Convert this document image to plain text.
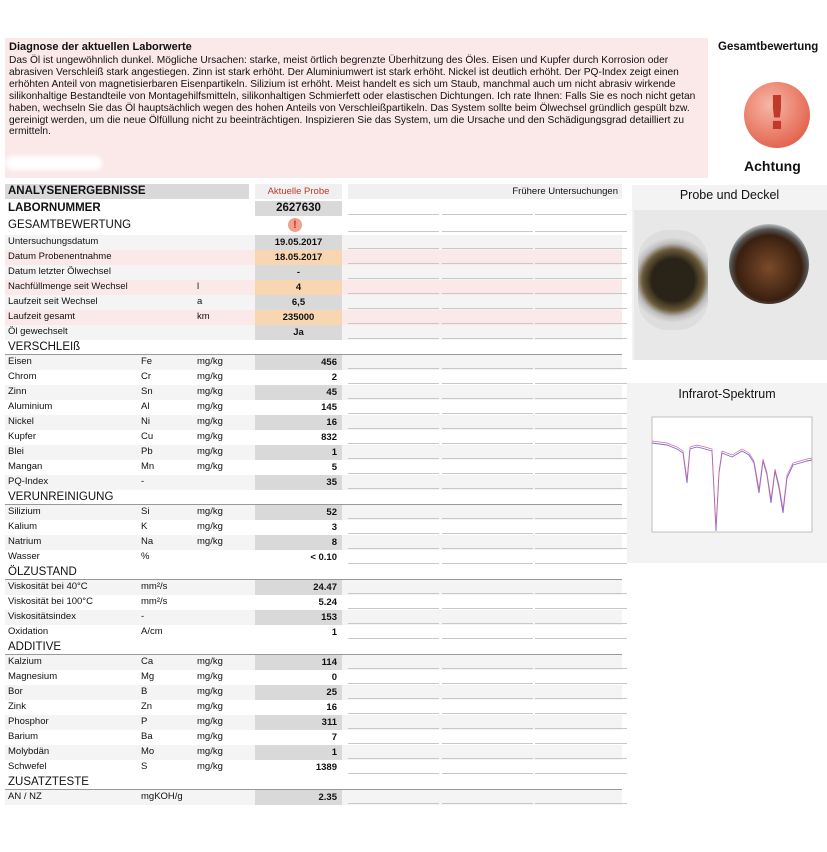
Diagnose der aktuellen Laborwerte

Das Öl ist ungewöhnlich dunkel. Mögliche Ursachen: starke, meist örtlich begrenzte Überhitzung des Öles. Eisen und Kupfer durch Korrosion oder abrasiven Verschleiß stark angestiegen. Zinn ist stark erhöht. Der Aluminiumwert ist stark erhöht. Nickel ist deutlich erhöht. Der PQ-Index zeigt einen erhöhten Anteil von magnetisierbaren Eisenpartikeln. Silizium ist erhöht. Meist handelt es sich um Staub, manchmal auch um nicht abrasiv wirkende silikonhaltige Bestandteile von Montagehilfsmitteln, silikonhaltigen Schmierfett oder elastischen Dichtungen. Ich rate Ihnen: Falls Sie es noch nicht getan haben, wechseln Sie das Öl hauptsächlich wegen des hohen Anteils von Verschleißpartikeln. Das System sollte beim Ölwechsel gründlich gespült bzw. gereinigt werden, um die neue Ölfüllung nicht zu beeinträchtigen. Inspizieren Sie das System, um die Ursache und den Schädigungsgrad detailliert zu ermitteln.

Gesamtbewertung
!
Achtung
ANALYSENERGEBNISSE	Aktuelle Probe	Frühere Untersuchungen
LABORNUMMER	2627630
GESAMTBEWERTUNG	!
Untersuchungsdatum	19.05.2017
Datum Probenentnahme	18.05.2017
Datum letzter Ölwechsel	-
Nachfüllmenge seit Wechsel	l	4
Laufzeit seit Wechsel	a	6,5
Laufzeit gesamt	km	235000
Öl gewechselt	Ja
VERSCHLEIß
Eisen	Fe	mg/kg	456
Chrom	Cr	mg/kg	2
Zinn	Sn	mg/kg	45
Aluminium	Al	mg/kg	145
Nickel	Ni	mg/kg	16
Kupfer	Cu	mg/kg	832
Blei	Pb	mg/kg	1
Mangan	Mn	mg/kg	5
PQ-Index	-	35
VERUNREINIGUNG
Silizium	Si	mg/kg	52
Kalium	K	mg/kg	3
Natrium	Na	mg/kg	8
Wasser	%	< 0.10
ÖLZUSTAND
Viskosität bei 40°C	mm²/s	24.47
Viskosität bei 100°C	mm²/s	5.24
Viskositätsindex	-	153
Oxidation	A/cm	1
ADDITIVE
Kalzium	Ca	mg/kg	114
Magnesium	Mg	mg/kg	0
Bor	B	mg/kg	25
Zink	Zn	mg/kg	16
Phosphor	P	mg/kg	311
Barium	Ba	mg/kg	7
Molybdän	Mo	mg/kg	1
Schwefel	S	mg/kg	1389
ZUSATZTESTE
AN / NZ	mgKOH/g	2.35
Probe und Deckel
Infrarot-Spektrum
